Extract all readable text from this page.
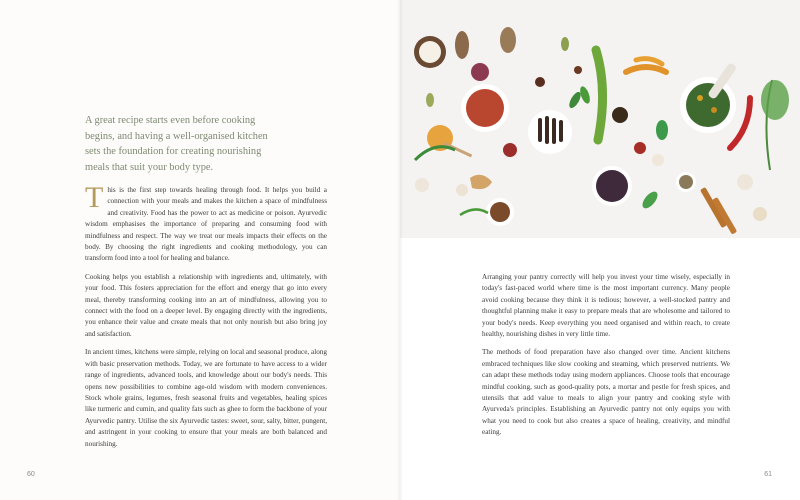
A great recipe starts even before cooking begins, and having a well-organised kitchen sets the foundation for creating nourishing meals that suit your body type.

This is the first step towards healing through food. It helps you build a connection with your meals and makes the kitchen a space of mindfulness and creativity. Food has the power to act as medicine or poison. Ayurvedic wisdom emphasises the importance of preparing and consuming food with mindfulness and respect. The way we treat our meals impacts their effects on the body. By choosing the right ingredients and cooking methodology, you can transform food into a tool for healing and balance.

Cooking helps you establish a relationship with ingredients and, ultimately, with your food. This fosters appreciation for the effort and energy that go into every meal, thereby transforming cooking into an art of mindfulness, allowing you to connect with the food on a deeper level. By engaging directly with the ingredients, you enhance their value and create meals that not only nourish but also bring joy and satisfaction.

In ancient times, kitchens were simple, relying on local and seasonal produce, along with basic preservation methods. Today, we are fortunate to have access to a wider range of ingredients, advanced tools, and knowledge about our body's needs. This opens new possibilities to combine age-old wisdom with modern conveniences. Stock whole grains, legumes, fresh seasonal fruits and vegetables, healing spices like turmeric and cumin, and quality fats such as ghee to form the backbone of your Ayurvedic pantry. Utilise the six Ayurvedic tastes: sweet, sour, salty, bitter, pungent, and astringent in your cooking to ensure that your meals are both balanced and nourishing.

60

Arranging your pantry correctly will help you invest your time wisely, especially in today's fast-paced world where time is the most important currency. Many people avoid cooking because they think it is tedious; however, a well-stocked pantry and thoughtful planning make it easy to prepare meals that are wholesome and tailored to your body's needs. Keep everything you need organised and within reach, to create healthy, nourishing dishes in very little time.

The methods of food preparation have also changed over time. Ancient kitchens embraced techniques like slow cooking and steaming, which preserved nutrients. We can adapt these methods today using modern appliances. Choose tools that encourage mindful cooking, such as good-quality pots, a mortar and pestle for fresh spices, and utensils that add value to meals to align your pantry and cooking style with Ayurveda's principles. Establishing an Ayurvedic pantry not only equips you with what you need to cook but also creates a space of healing, creativity, and mindful eating.

61
